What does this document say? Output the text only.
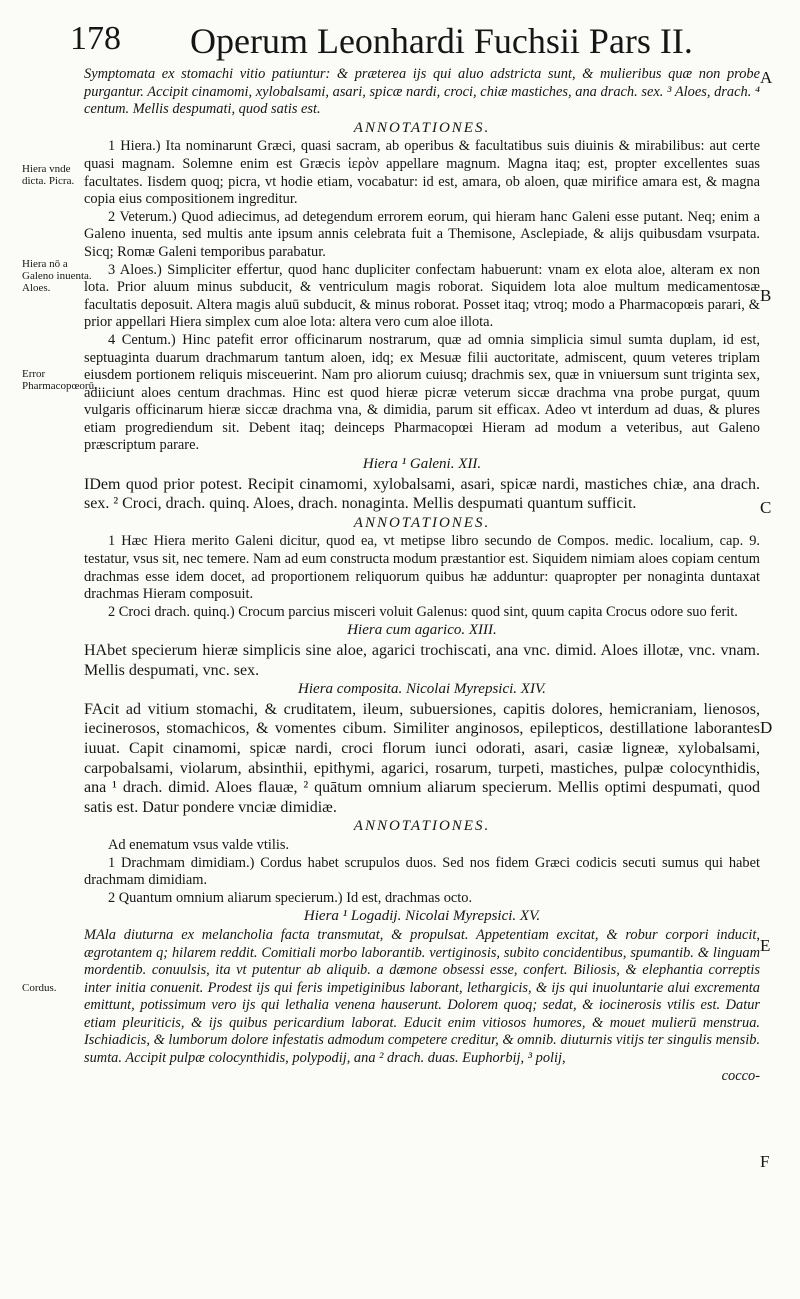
178 Operum Leonhardi Fuchsii Pars II.
Hiera vnde dicta. Picra.
Hiera nō a Galeno inuenta. Aloes.
Error Pharmacopœorū.
Cordus.
A
B
C
D
E
F

Symptomata ex stomachi vitio patiuntur: & præterea ijs qui aluo adstricta sunt, & mulieribus quæ non probe purgantur. Accipit cinamomi, xylobalsami, asari, spicæ nardi, croci, chiæ mastiches, ana drach. sex. ³ Aloes, drach. ⁴ centum. Mellis despumati, quod satis est.

ANNOTATIONES.

1 Hiera.) Ita nominarunt Græci, quasi sacram, ab operibus & facultatibus suis diuinis & mirabilibus: aut certe quasi magnam. Solemne enim est Græcis ἱερὸν appellare magnum. Magna itaq; est, propter excellentes suas facultates. Iisdem quoq; picra, vt hodie etiam, vocabatur: id est, amara, ob aloen, quæ mirifice amara est, & magna copia eius compositionem ingreditur.

2 Veterum.) Quod adiecimus, ad detegendum errorem eorum, qui hieram hanc Galeni esse putant. Neq; enim a Galeno inuenta, sed multis ante ipsum annis celebrata fuit a Themisone, Asclepiade, & alijs quibusdam vsurpata. Sicq; Romæ Galeni temporibus parabatur.

3 Aloes.) Simpliciter effertur, quod hanc dupliciter confectam habuerunt: vnam ex elota aloe, alteram ex non lota. Prior aluum minus subducit, & ventriculum magis roborat. Siquidem lota aloe multum medicamentosæ facultatis deposuit. Altera magis aluū subducit, & minus roborat. Posset itaq; vtroq; modo a Pharmacopœis parari, & prior appellari Hiera simplex cum aloe lota: altera vero cum aloe illota.

4 Centum.) Hinc patefit error officinarum nostrarum, quæ ad omnia simplicia simul sumta duplam, id est, septuaginta duarum drachmarum tantum aloen, idq; ex Mesuæ filii auctoritate, admiscent, quum veteres triplam eiusdem portionem reliquis misceuerint. Nam pro aliorum cuiusq; drachmis sex, quæ in vniuersum sunt triginta sex, adiiciunt aloes centum drachmas. Hinc est quod hieræ picræ veterum siccæ drachma vna probe purgat, quum vulgaris officinarum hieræ siccæ drachma vna, & dimidia, parum sit efficax. Adeo vt interdum ad duas, & plures etiam progrediendum sit. Debent itaq; deinceps Pharmacopœi Hieram ad modum a veteribus, aut Galeno præscriptum parare.

Hiera ¹ Galeni. XII.

IDem quod prior potest. Recipit cinamomi, xylobalsami, asari, spicæ nardi, mastiches chiæ, ana drach. sex. ² Croci, drach. quinq. Aloes, drach. nonaginta. Mellis despumati quantum sufficit.

ANNOTATIONES.

1 Hæc Hiera merito Galeni dicitur, quod ea, vt metipse libro secundo de Compos. medic. localium, cap. 9. testatur, vsus sit, nec temere. Nam ad eum constructa modum præstantior est. Siquidem nimiam aloes copiam centum drachmas esse idem docet, ad proportionem reliquorum quibus hæ adduntur: quapropter per nonaginta duntaxat drachmas Hieram composuit.

2 Croci drach. quinq.) Crocum parcius misceri voluit Galenus: quod sint, quum capita Crocus odore suo ferit.

Hiera cum agarico. XIII.

HAbet specierum hieræ simplicis sine aloe, agarici trochiscati, ana vnc. dimid. Aloes illotæ, vnc. vnam. Mellis despumati, vnc. sex.

Hiera composita. Nicolai Myrepsici. XIV.

FAcit ad vitium stomachi, & cruditatem, ileum, subuersiones, capitis dolores, hemicraniam, lienosos, iecinerosos, stomachicos, & vomentes cibum. Similiter anginosos, epilepticos, destillatione laborantes iuuat. Capit cinamomi, spicæ nardi, croci florum iunci odorati, asari, casiæ ligneæ, xylobalsami, carpobalsami, violarum, absinthii, epithymi, agarici, rosarum, turpeti, mastiches, pulpæ colocynthidis, ana ¹ drach. dimid. Aloes flauæ, ² quātum omnium aliarum specierum. Mellis optimi despumati, quod satis est. Datur pondere vnciæ dimidiæ.

ANNOTATIONES.

Ad enematum vsus valde vtilis.

1 Drachmam dimidiam.) Cordus habet scrupulos duos. Sed nos fidem Græci codicis secuti sumus qui habet drachmam dimidiam.

2 Quantum omnium aliarum specierum.) Id est, drachmas octo.

Hiera ¹ Logadij. Nicolai Myrepsici. XV.

MAla diuturna ex melancholia facta transmutat, & propulsat. Appetentiam excitat, & robur corpori inducit, ægrotantem q; hilarem reddit. Comitiali morbo laborantib. vertiginosis, subito concidentibus, spumantib. & linguam mordentib. conuulsis, ita vt putentur ab aliquib. a dæmone obsessi esse, confert. Biliosis, & elephantia correptis inter initia conuenit. Prodest ijs qui feris impetiginibus laborant, lethargicis, & ijs qui inuoluntarie alui excrementa emittunt, potissimum vero ijs qui lethalia venena hauserunt. Dolorem quoq; sedat, & iocinerosis vtilis est. Datur etiam pleuriticis, & ijs quibus pericardium laborat. Educit enim vitiosos humores, & mouet mulierū menstrua. Ischiadicis, & lumborum dolore infestatis admodum competere creditur, & omnib. diuturnis vitijs ter singulis mensib. sumta. Accipit pulpæ colocynthidis, polypodij, ana ² drach. duas. Euphorbij, ³ polij,

cocco-
